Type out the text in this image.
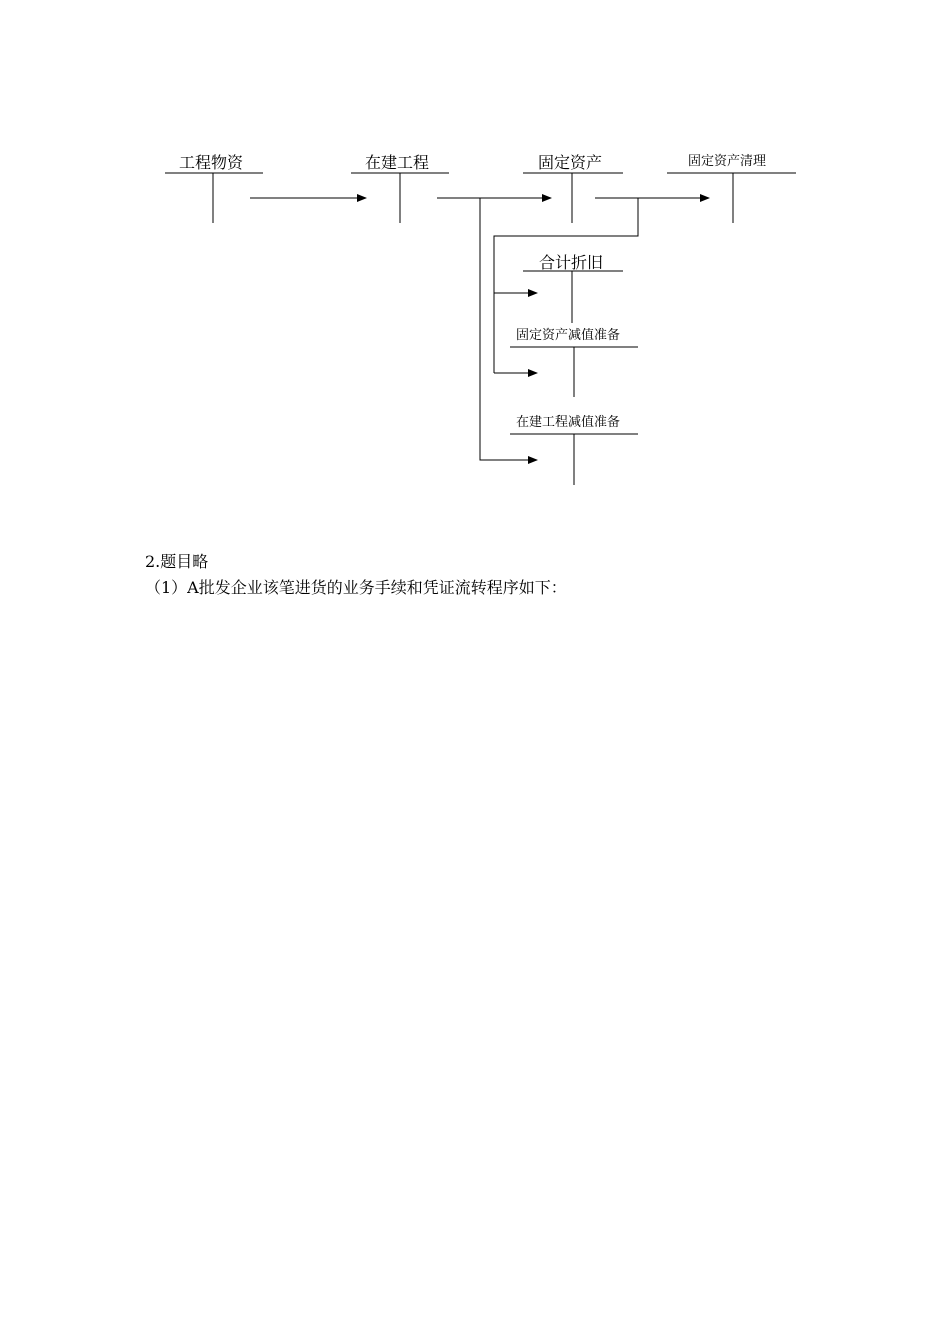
工程物资	在建工程	固定资产	固定资产清理
合计折旧
固定资产减值准备
在建工程减值准备
2.题目略
（1）A批发企业该笔进货的业务手续和凭证流转程序如下：
